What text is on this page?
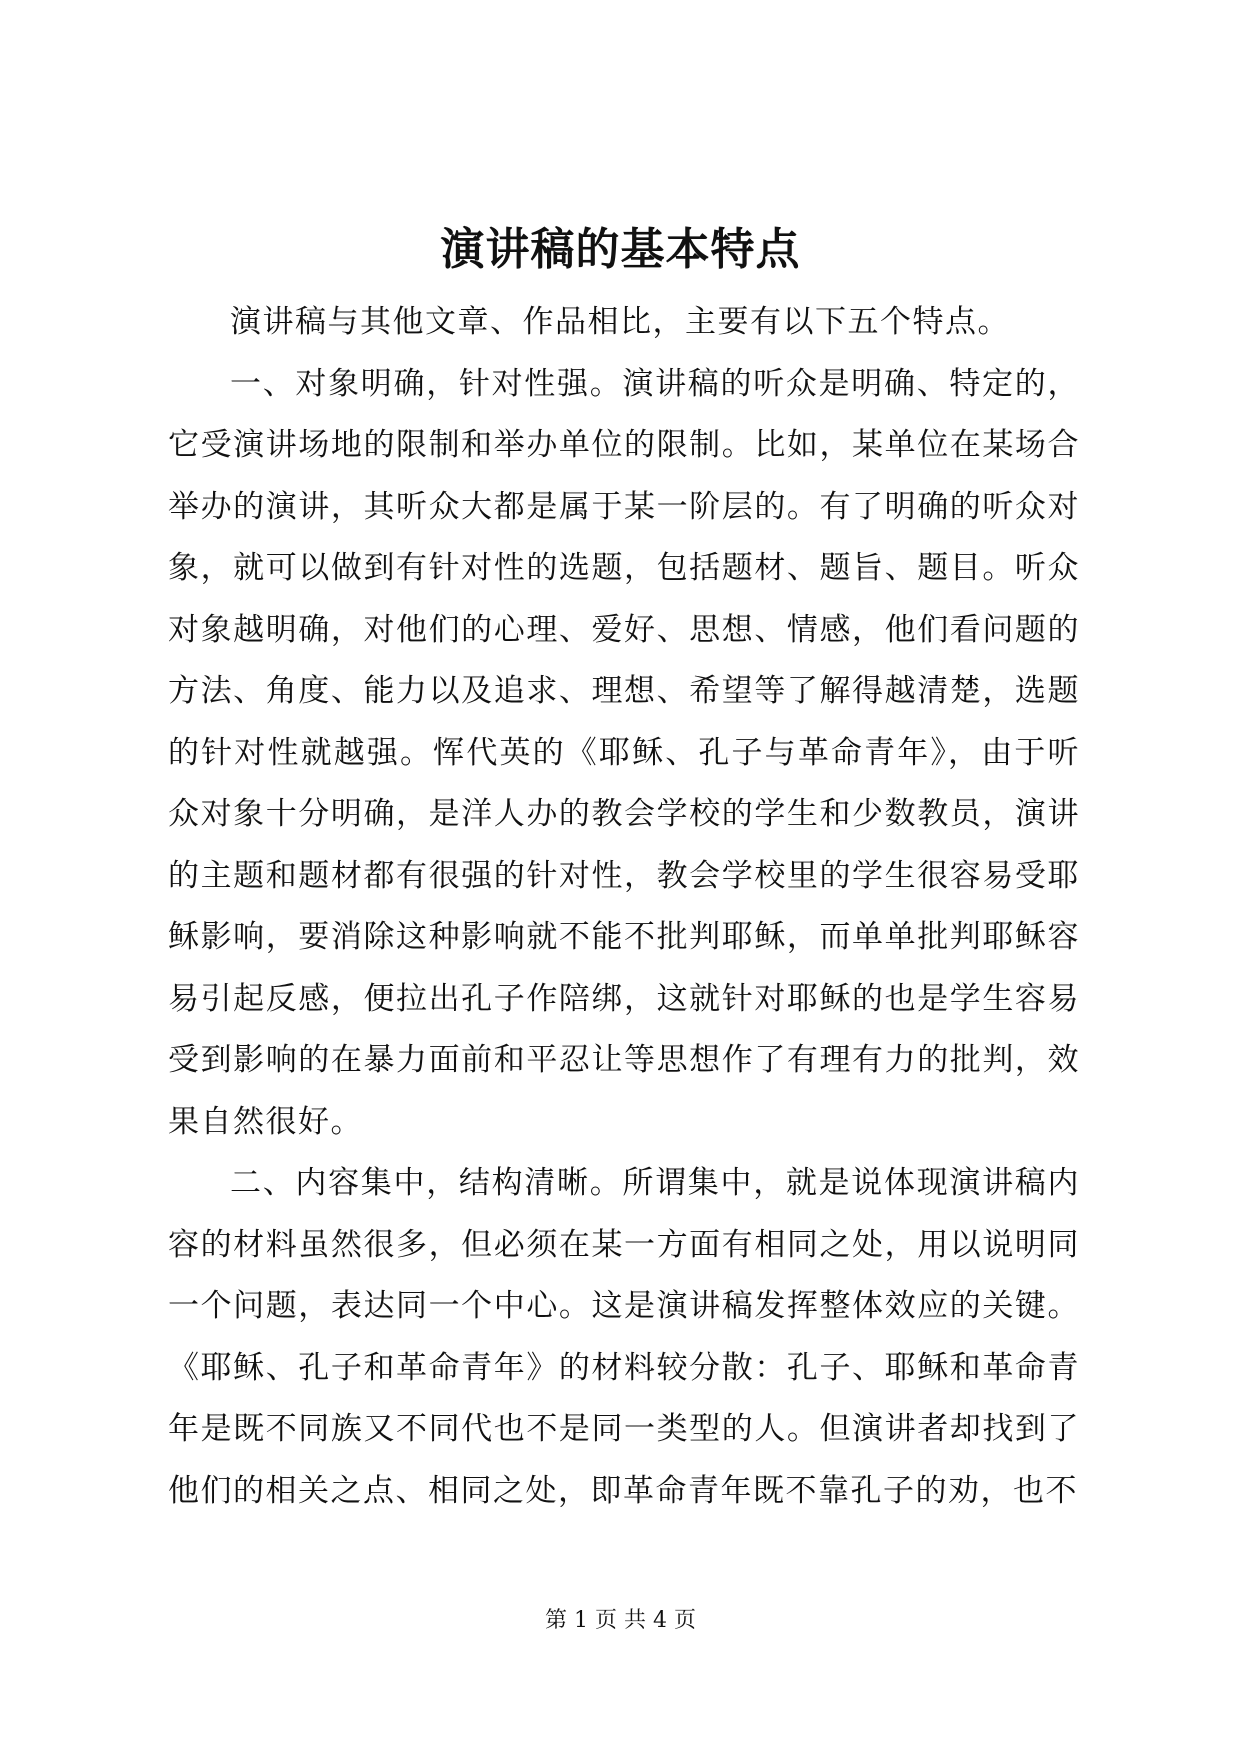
演讲稿的基本特点

演讲稿与其他文章、作品相比，主要有以下五个特点。

一、对象明确，针对性强。演讲稿的听众是明确、特定的，它受演讲场地的限制和举办单位的限制。比如，某单位在某场合举办的演讲，其听众大都是属于某一阶层的。有了明确的听众对象，就可以做到有针对性的选题，包括题材、题旨、题目。听众对象越明确，对他们的心理、爱好、思想、情感，他们看问题的方法、角度、能力以及追求、理想、希望等了解得越清楚，选题的针对性就越强。恽代英的《耶稣、孔子与革命青年》，由于听众对象十分明确，是洋人办的教会学校的学生和少数教员，演讲的主题和题材都有很强的针对性，教会学校里的学生很容易受耶稣影响，要消除这种影响就不能不批判耶稣，而单单批判耶稣容易引起反感，便拉出孔子作陪绑，这就针对耶稣的也是学生容易受到影响的在暴力面前和平忍让等思想作了有理有力的批判，效果自然很好。

二、内容集中，结构清晰。所谓集中，就是说体现演讲稿内容的材料虽然很多，但必须在某一方面有相同之处，用以说明同一个问题，表达同一个中心。这是演讲稿发挥整体效应的关键。《耶稣、孔子和革命青年》的材料较分散：孔子、耶稣和革命青年是既不同族又不同代也不是同一类型的人。但演讲者却找到了他们的相关之点、相同之处，即革命青年既不靠孔子的劝，也不

第 1 页 共 4 页
